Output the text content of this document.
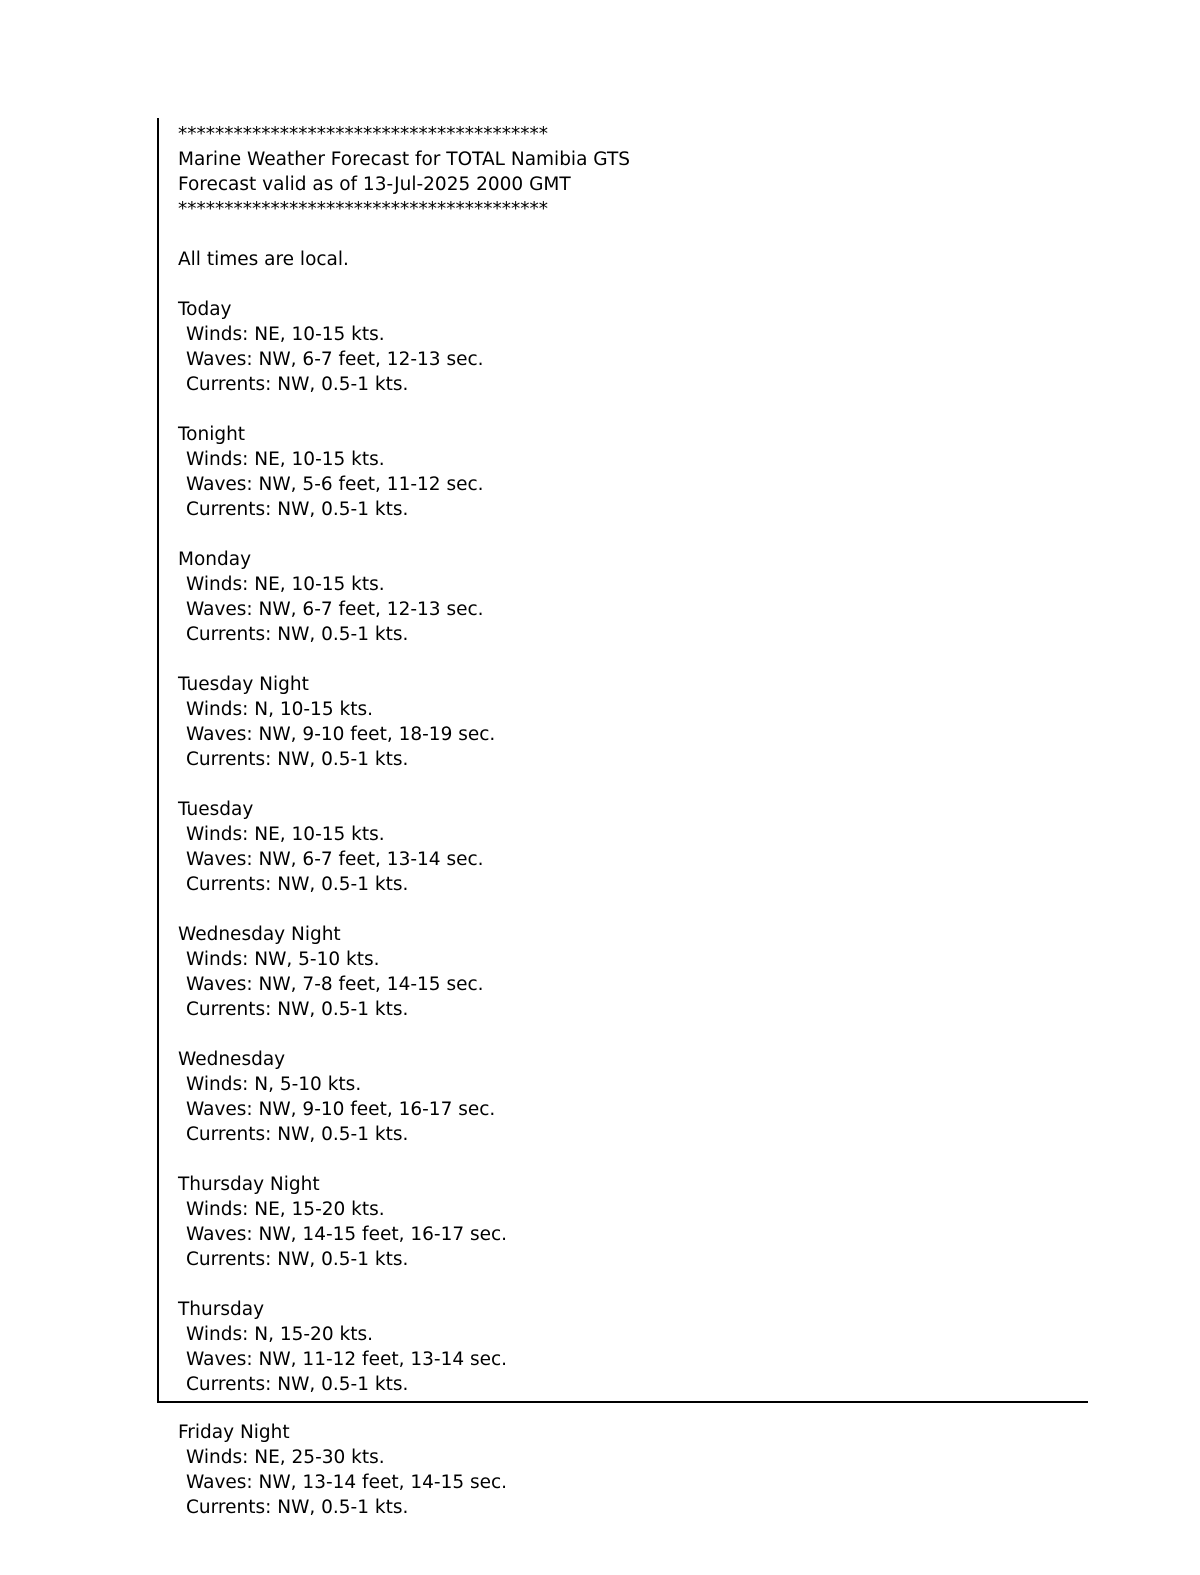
****************************************
Marine Weather Forecast for TOTAL Namibia GTS
Forecast valid as of 13-Jul-2025 2000 GMT
****************************************
All times are local.
Today
Winds: NE, 10-15 kts.
Waves: NW, 6-7 feet, 12-13 sec.
Currents: NW, 0.5-1 kts.
Tonight
Winds: NE, 10-15 kts.
Waves: NW, 5-6 feet, 11-12 sec.
Currents: NW, 0.5-1 kts.
Monday
Winds: NE, 10-15 kts.
Waves: NW, 6-7 feet, 12-13 sec.
Currents: NW, 0.5-1 kts.
Tuesday Night
Winds: N, 10-15 kts.
Waves: NW, 9-10 feet, 18-19 sec.
Currents: NW, 0.5-1 kts.
Tuesday
Winds: NE, 10-15 kts.
Waves: NW, 6-7 feet, 13-14 sec.
Currents: NW, 0.5-1 kts.
Wednesday Night
Winds: NW, 5-10 kts.
Waves: NW, 7-8 feet, 14-15 sec.
Currents: NW, 0.5-1 kts.
Wednesday
Winds: N, 5-10 kts.
Waves: NW, 9-10 feet, 16-17 sec.
Currents: NW, 0.5-1 kts.
Thursday Night
Winds: NE, 15-20 kts.
Waves: NW, 14-15 feet, 16-17 sec.
Currents: NW, 0.5-1 kts.
Thursday
Winds: N, 15-20 kts.
Waves: NW, 11-12 feet, 13-14 sec.
Currents: NW, 0.5-1 kts.
Friday Night
Winds: NE, 25-30 kts.
Waves: NW, 13-14 feet, 14-15 sec.
Currents: NW, 0.5-1 kts.
